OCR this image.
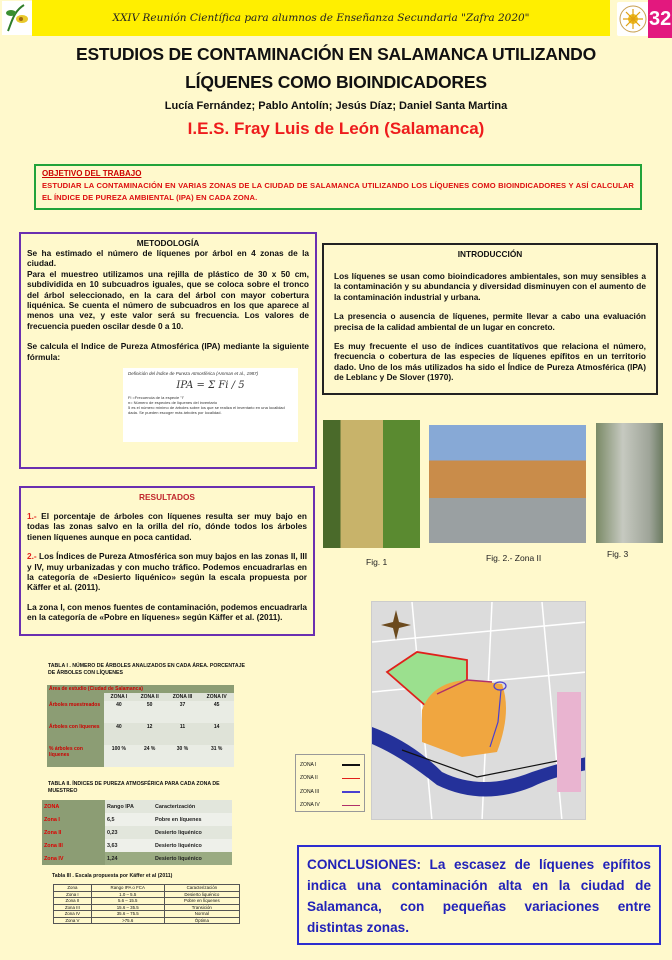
XXIV Reunión Científica para alumnos de Enseñanza Secundaria "Zafra 2020"	32
ESTUDIOS DE CONTAMINACIÓN EN SALAMANCA UTILIZANDO
LÍQUENES COMO BIOINDICADORES
Lucía Fernández; Pablo Antolín; Jesús Díaz; Daniel Santa Martina
I.E.S. Fray Luis de León (Salamanca)
OBJETIVO DEL TRABAJO
ESTUDIAR LA CONTAMINACIÓN EN VARIAS ZONAS DE LA CIUDAD DE SALAMANCA UTILIZANDO LOS LÍQUENES COMO BIOINDICADORES Y ASÍ CALCULAR EL ÍNDICE DE PUREZA AMBIENTAL (IPA) EN CADA ZONA.
METODOLOGÍA
Se ha estimado el número de líquenes por árbol en 4 zonas de la ciudad.
Para el muestreo utilizamos una rejilla de plástico de 30 x 50 cm, subdividida en 10 subcuadros iguales, que se coloca sobre el tronco del árbol seleccionado, en la cara del árbol con mayor cobertura liquénica. Se cuenta el número de subcuadros en los que aparece al menos una vez, y este valor será su frecuencia. Los valores de frecuencia pueden oscilar desde 0 a 10.
Se calcula el Indice de Pureza Atmosférica (IPA) mediante la siguiente fórmula:
Definición del Índice de Pureza Atmosférica (Amman et al., 1987)
IPA = Σ Fi / 5
Fi =Frecuencia de la especie "i"
n= Número de especies de líquenes del inventario
5 es el número mínimo de árboles sobre los que se realiza el inventario en una localidad dada. Se pueden escoger más árboles por localidad.
INTRODUCCIÓN
Los líquenes se usan como bioindicadores ambientales, son muy sensibles a la contaminación y su abundancia y diversidad disminuyen con el aumento de la contaminación industrial y urbana.
La presencia o ausencia de líquenes, permite llevar a cabo una evaluación precisa de la calidad ambiental de un lugar en concreto.
Es muy frecuente el uso de índices cuantitativos que relaciona el número, frecuencia o cobertura de las especies de líquenes epífitos en un territorio dado. Uno de los más utilizados ha sido el Índice de Pureza Atmosférica (IPA) de Leblanc y De Slover (1970).
Fig. 1	Fig. 2.- Zona II	Fig. 3
RESULTADOS
1.- El porcentaje de árboles con líquenes resulta ser muy bajo en todas las zonas salvo en la orilla del río, dónde todos los árboles tienen líquenes aunque en poca cantidad.
2.- Los Índices de Pureza Atmosférica son muy bajos en las zonas II, III y IV, muy urbanizadas y con mucho tráfico. Podemos encuadrarlas en la categoría de «Desierto liquénico» según la escala propuesta por Käffer et al. (2011).
La zona I, con menos fuentes de contaminación, podemos encuadrarla en la categoría de «Pobre en líquenes» según Käffer et al. (2011).
ZONA I
ZONA II
ZONA III
ZONA IV
TABLA I . NÚMERO DE ÁRBOLES ANALIZADOS EN CADA ÁREA. PORCENTAJE DE ÁRBOLES CON LÍQUENES
Área de estudio (Ciudad de Salamanca)				
	ZONA I	ZONA II	ZONA III	ZONA IV
Árboles muestreados	40	50	37	45
Árboles con líquenes	40	12	11	14
% árboles con líquenes	100 %	24 %	30 %	31 %
TABLA II. ÍNDICES DE PUREZA ATMOSFÉRICA PARA CADA ZONA DE MUESTREO
ZONA	Rango IPA	Caracterización
Zona I	6,5	Pobre en líquenes
Zona II	0,23	Desierto liquénico
Zona III	3,63	Desierto liquénico
Zona IV	1,24	Desierto liquénico
Tabla III . Escala propuesta por Käffer et al (2011)
Zona	Rango IPA o FCA	Caracterización
Zona I	1.0 – 5.5	Desierto liquénico
Zona II	5.6 – 15.5	Pobre en líquenes
Zona III	15.6 – 35.5	Transición
Zona IV	35.6 – 75.5	Normal
Zona V	>75.6	Óptima
CONCLUSIONES: La escasez de líquenes epífitos indica una contaminación alta en la ciudad de Salamanca, con pequeñas variaciones entre distintas zonas.
